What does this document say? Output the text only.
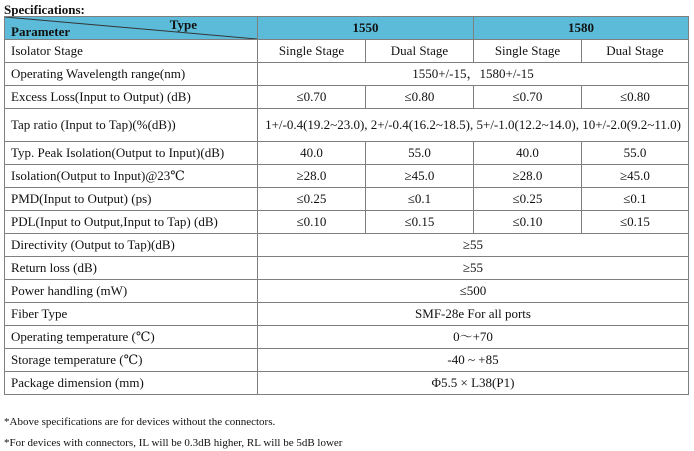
Specifications:
Type
Parameter	1550		1580	
Isolator Stage	Single Stage	Dual Stage	Single Stage	Dual Stage
Operating Wavelength range(nm)	1550+/-15，1580+/-15			
Excess Loss(Input to Output) (dB)	≤0.70	≤0.80	≤0.70	≤0.80
Tap ratio (Input to Tap)(%(dB))	1+/-0.4(19.2~23.0), 2+/-0.4(16.2~18.5), 5+/-1.0(12.2~14.0), 10+/-2.0(9.2~11.0)			
Typ. Peak Isolation(Output to Input)(dB)	40.0	55.0	40.0	55.0
Isolation(Output to Input)@23℃	≥28.0	≥45.0	≥28.0	≥45.0
PMD(Input to Output) (ps)	≤0.25	≤0.1	≤0.25	≤0.1
PDL(Input to Output,Input to Tap) (dB)	≤0.10	≤0.15	≤0.10	≤0.15
Directivity (Output to Tap)(dB)	≥55			
Return loss (dB)	≥55			
Power handling (mW)	≤500			
Fiber Type	SMF-28e For all ports			
Operating temperature (℃)	0～+70			
Storage temperature (℃)	-40 ~ +85			
Package dimension (mm)	Φ5.5 × L38(P1)			
*Above specifications are for devices without the connectors.
*For devices with connectors, IL will be 0.3dB higher, RL will be 5dB lower
